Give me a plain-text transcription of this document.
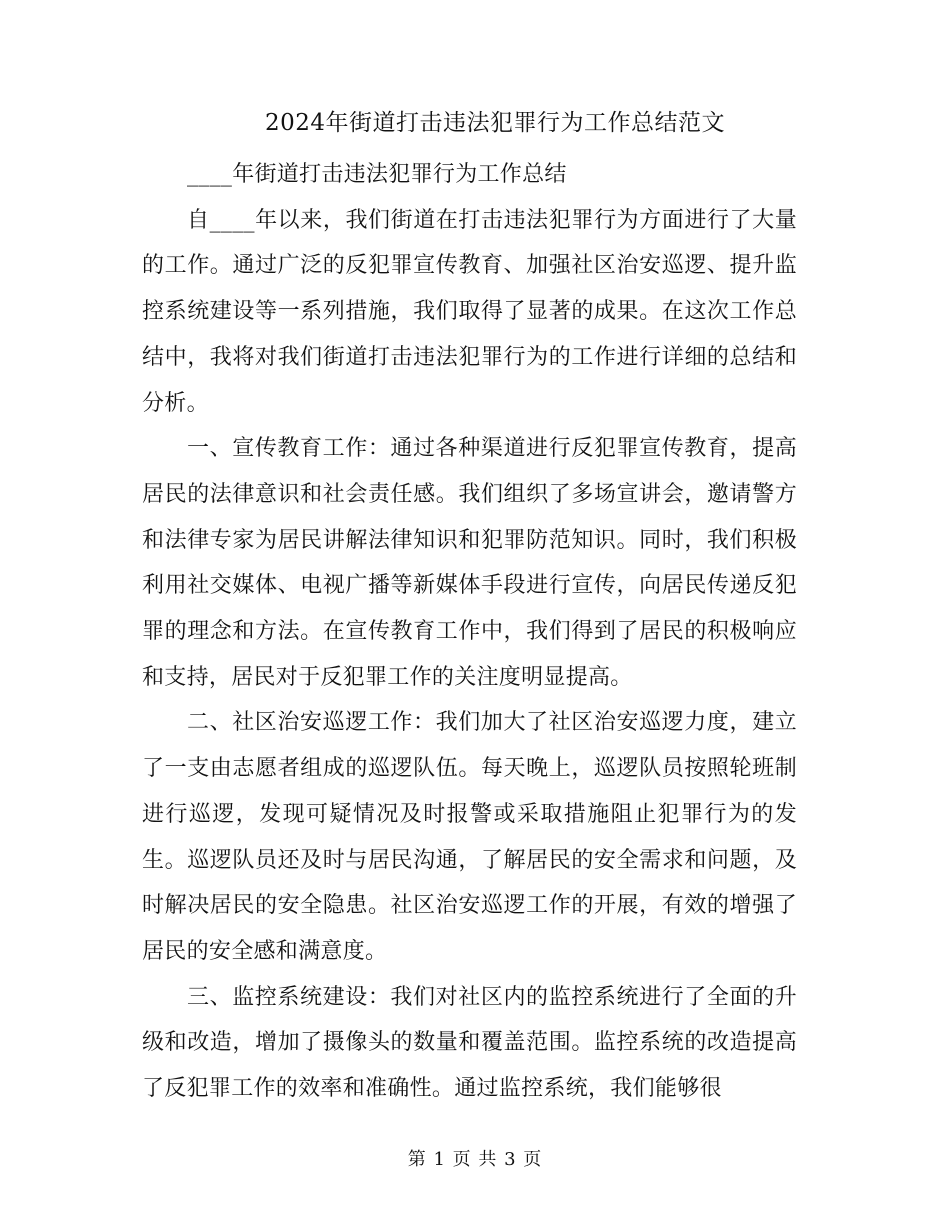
2024年街道打击违法犯罪行为工作总结范文

____年街道打击违法犯罪行为工作总结

自____年以来，我们街道在打击违法犯罪行为方面进行了大量的工作。通过广泛的反犯罪宣传教育、加强社区治安巡逻、提升监控系统建设等一系列措施，我们取得了显著的成果。在这次工作总结中，我将对我们街道打击违法犯罪行为的工作进行详细的总结和分析。

一、宣传教育工作：通过各种渠道进行反犯罪宣传教育，提高居民的法律意识和社会责任感。我们组织了多场宣讲会，邀请警方和法律专家为居民讲解法律知识和犯罪防范知识。同时，我们积极利用社交媒体、电视广播等新媒体手段进行宣传，向居民传递反犯罪的理念和方法。在宣传教育工作中，我们得到了居民的积极响应和支持，居民对于反犯罪工作的关注度明显提高。

二、社区治安巡逻工作：我们加大了社区治安巡逻力度，建立了一支由志愿者组成的巡逻队伍。每天晚上，巡逻队员按照轮班制进行巡逻，发现可疑情况及时报警或采取措施阻止犯罪行为的发生。巡逻队员还及时与居民沟通，了解居民的安全需求和问题，及时解决居民的安全隐患。社区治安巡逻工作的开展，有效的增强了居民的安全感和满意度。

三、监控系统建设：我们对社区内的监控系统进行了全面的升级和改造，增加了摄像头的数量和覆盖范围。监控系统的改造提高了反犯罪工作的效率和准确性。通过监控系统，我们能够很

第 1 页 共 3 页
